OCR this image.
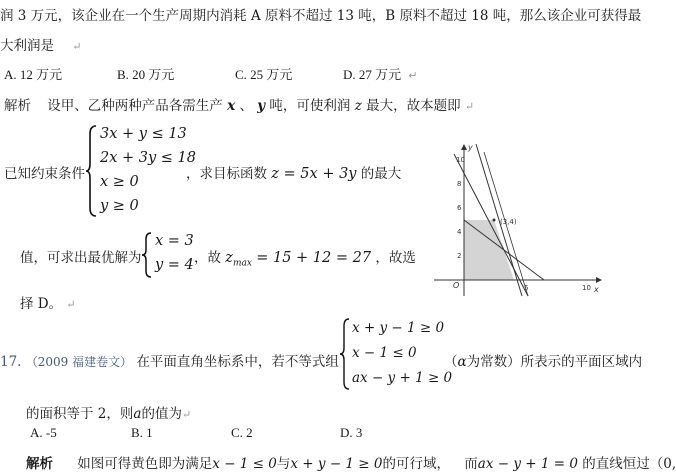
润 3 万元，该企业在一个生产周期内消耗 A 原料不超过 13 吨，B 原料不超过 18 吨，那么该企业可获得最
大利润是 ↵
A. 12 万元	B. 20 万元	C. 25 万元	D. 27 万元 ↵
解析 设甲、乙种两种产品各需生产 x 、 y 吨，可使利润 z 最大，故本题即 ↵
已知约束条件
3x + y ≤ 13
2x + 3y ≤ 18
x ≥ 0
y ≥ 0
，求目标函数 z = 5x + 3y 的最大
值，可求出最优解为
x = 3
y = 4 ，故 $z_{max} = 15 + 12 = 27$ ，故选
择 D。 ↵
10
8
6
4
2
O	5	10 x
y
(3,4)
17. （2009 福建卷文） 在平面直角坐标系中，若不等式组
x + y − 1 ≥ 0
x − 1 ≤ 0
ax − y + 1 ≥ 0
（α为常数）所表示的平面区域内
的面积等于 2，则a的值为↵
A. -5	B. 1	C. 2	D. 3
解析 如图可得黄色即为满足x − 1 ≤ 0与x + y − 1 ≥ 0的可行域， 而ax − y + 1 = 0 的直线恒过（0,
